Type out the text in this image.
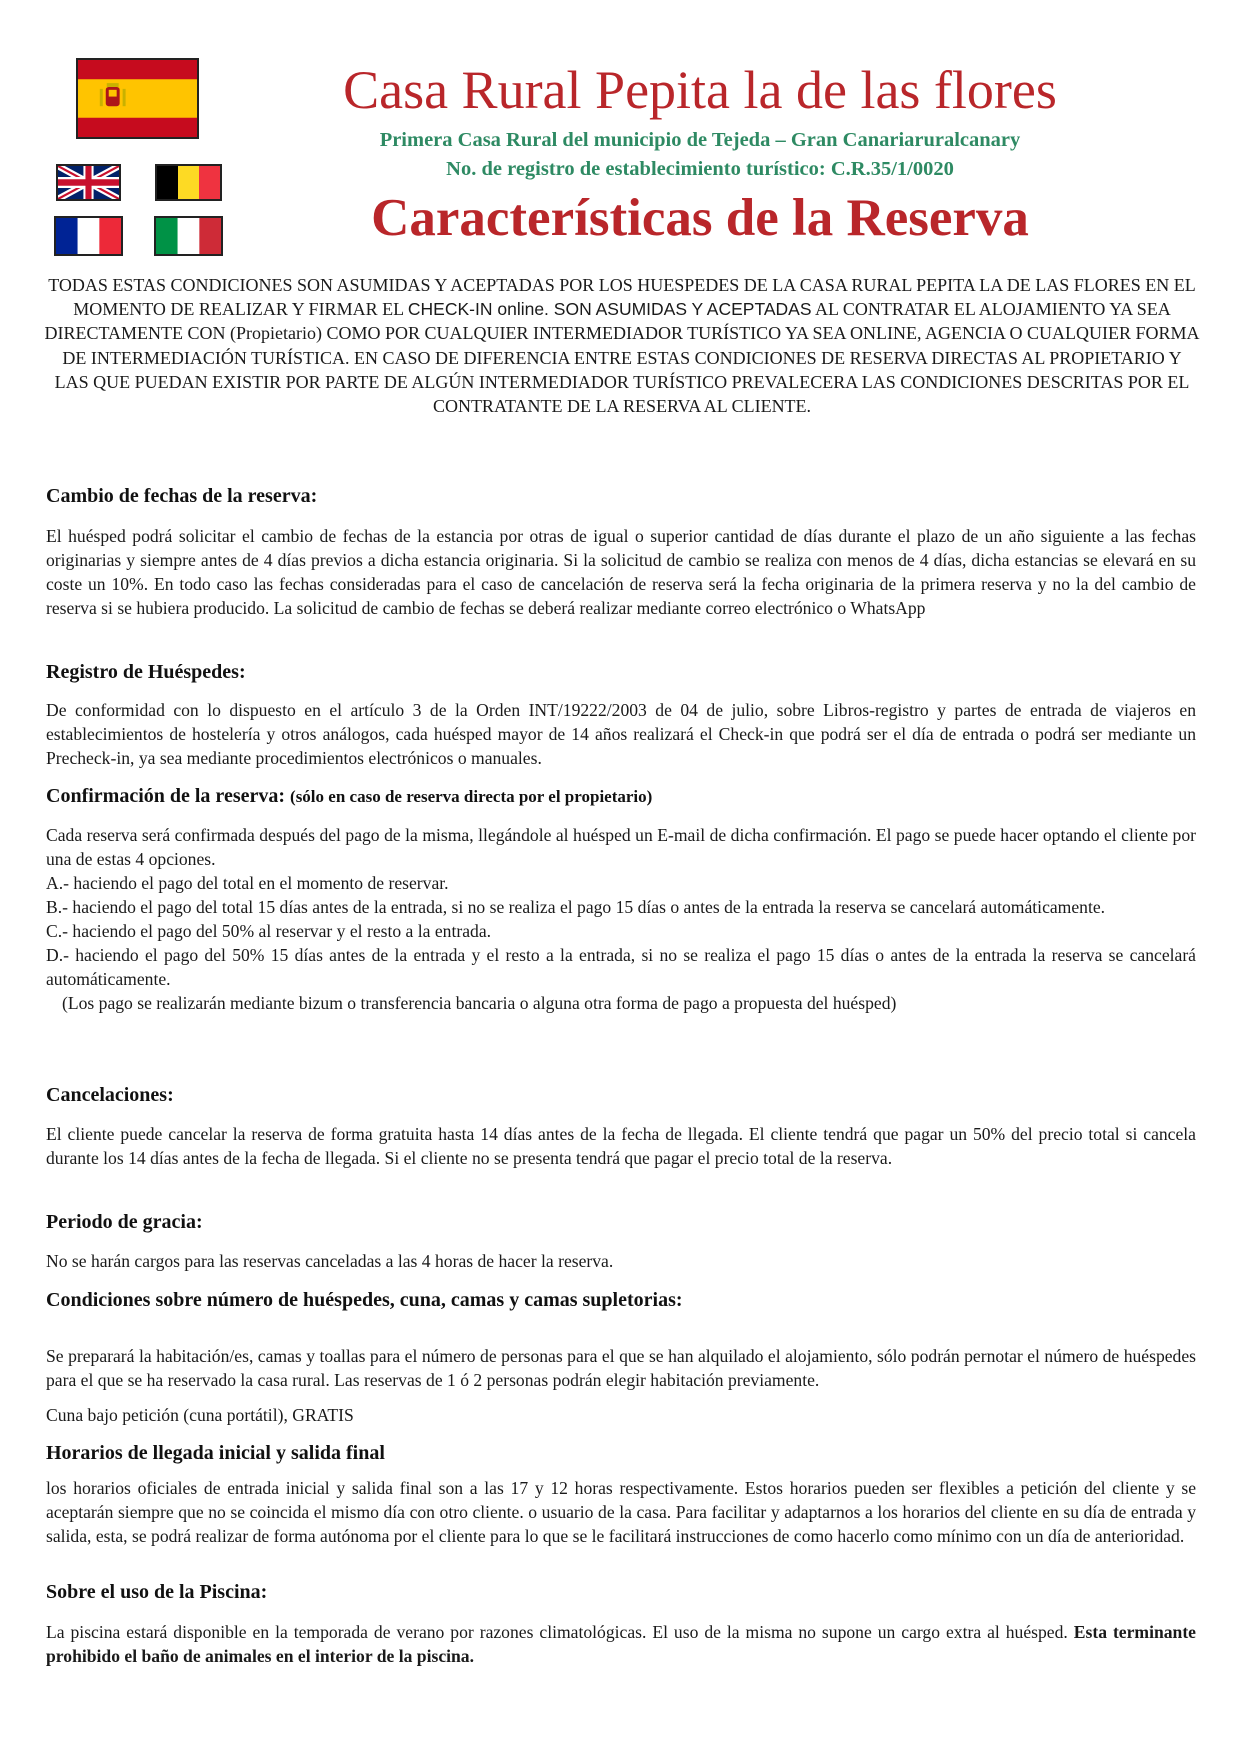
Casa Rural Pepita la de las flores
Primera Casa Rural del municipio de Tejeda – Gran Canariaruralcanary
No. de registro de establecimiento turístico: C.R.35/1/0020
Características de la Reserva
TODAS ESTAS CONDICIONES SON ASUMIDAS Y ACEPTADAS POR LOS HUESPEDES DE LA CASA RURAL PEPITA LA DE LAS FLORES EN EL MOMENTO DE REALIZAR Y FIRMAR EL CHECK-IN online. SON ASUMIDAS Y ACEPTADAS AL CONTRATAR EL ALOJAMIENTO YA SEA DIRECTAMENTE CON (Propietario) COMO POR CUALQUIER INTERMEDIADOR TURÍSTICO YA SEA ONLINE, AGENCIA O CUALQUIER FORMA DE INTERMEDIACIÓN TURÍSTICA. EN CASO DE DIFERENCIA ENTRE ESTAS CONDICIONES DE RESERVA DIRECTAS AL PROPIETARIO Y LAS QUE PUEDAN EXISTIR POR PARTE DE ALGÚN INTERMEDIADOR TURÍSTICO PREVALECERA LAS CONDICIONES DESCRITAS POR EL CONTRATANTE DE LA RESERVA AL CLIENTE.
Cambio de fechas de la reserva:

El huésped podrá solicitar el cambio de fechas de la estancia por otras de igual o superior cantidad de días durante el plazo de un año siguiente a las fechas originarias y siempre antes de 4 días previos a dicha estancia originaria. Si la solicitud de cambio se realiza con menos de 4 días, dicha estancias se elevará en su coste un 10%. En todo caso las fechas consideradas para el caso de cancelación de reserva será la fecha originaria de la primera reserva y no la del cambio de reserva si se hubiera producido. La solicitud de cambio de fechas se deberá realizar mediante correo electrónico o WhatsApp

Registro de Huéspedes:

De conformidad con lo dispuesto en el artículo 3 de la Orden INT/19222/2003 de 04 de julio, sobre Libros-registro y partes de entrada de viajeros en establecimientos de hostelería y otros análogos, cada huésped mayor de 14 años realizará el Check-in que podrá ser el día de entrada o podrá ser mediante un Precheck-in, ya sea mediante procedimientos electrónicos o manuales.

Confirmación de la reserva: (sólo en caso de reserva directa por el propietario)
Cada reserva será confirmada después del pago de la misma, llegándole al huésped un E-mail de dicha confirmación. El pago se puede hacer optando el cliente por una de estas 4 opciones.
A.- haciendo el pago del total en el momento de reservar.
B.- haciendo el pago del total 15 días antes de la entrada, si no se realiza el pago 15 días o antes de la entrada la reserva se cancelará automáticamente.
C.- haciendo el pago del 50% al reservar y el resto a la entrada.
D.- haciendo el pago del 50% 15 días antes de la entrada y el resto a la entrada, si no se realiza el pago 15 días o antes de la entrada la reserva se cancelará automáticamente.
(Los pago se realizarán mediante bizum o transferencia bancaria o alguna otra forma de pago a propuesta del huésped)
Cancelaciones:

El cliente puede cancelar la reserva de forma gratuita hasta 14 días antes de la fecha de llegada. El cliente tendrá que pagar un 50% del precio total si cancela durante los 14 días antes de la fecha de llegada. Si el cliente no se presenta tendrá que pagar el precio total de la reserva.

Periodo de gracia:

No se harán cargos para las reservas canceladas a las 4 horas de hacer la reserva.

Condiciones sobre número de huéspedes, cuna, camas y camas supletorias:

Se preparará la habitación/es, camas y toallas para el número de personas para el que se han alquilado el alojamiento, sólo podrán pernotar el número de huéspedes para el que se ha reservado la casa rural. Las reservas de 1 ó 2 personas podrán elegir habitación previamente.

Cuna bajo petición (cuna portátil), GRATIS

Horarios de llegada inicial y salida final

los horarios oficiales de entrada inicial y salida final son a las 17 y 12 horas respectivamente. Estos horarios pueden ser flexibles a petición del cliente y se aceptarán siempre que no se coincida el mismo día con otro cliente. o usuario de la casa. Para facilitar y adaptarnos a los horarios del cliente en su día de entrada y salida, esta, se podrá realizar de forma autónoma por el cliente para lo que se le facilitará instrucciones de como hacerlo como mínimo con un día de anterioridad.

Sobre el uso de la Piscina:

La piscina estará disponible en la temporada de verano por razones climatológicas. El uso de la misma no supone un cargo extra al huésped. Esta terminante prohibido el baño de animales en el interior de la piscina.
